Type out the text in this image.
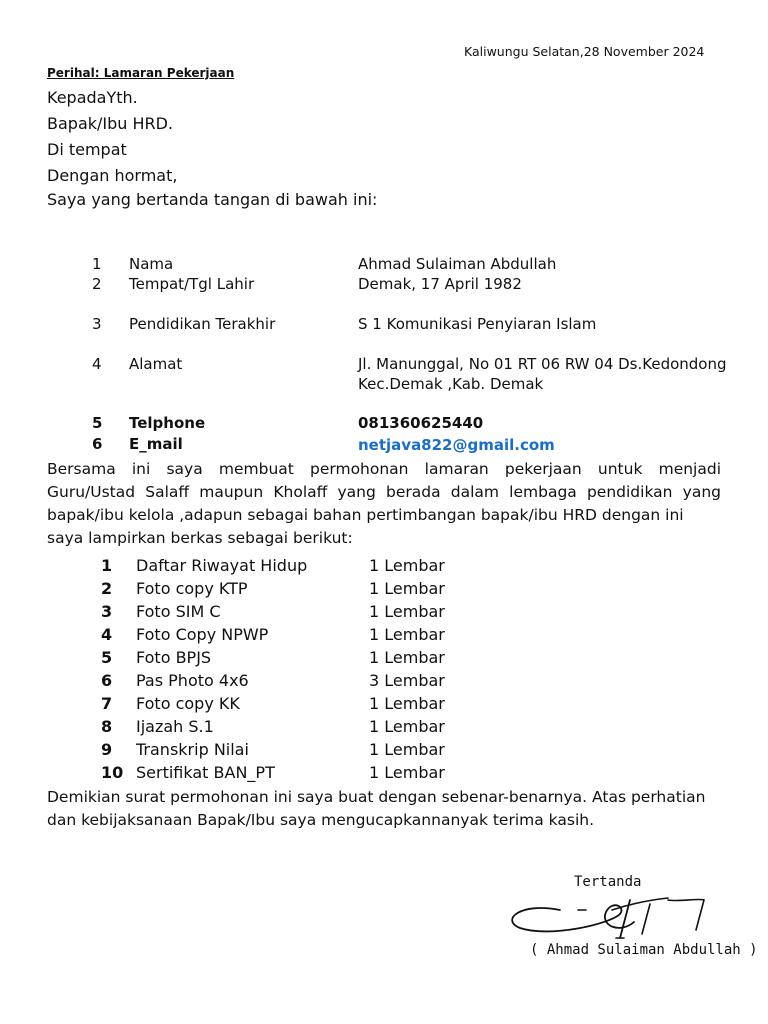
Kaliwungu Selatan,28 November 2024
Perihal: Lamaran Pekerjaan
KepadaYth.
Bapak/Ibu HRD.
Di tempat
Dengan hormat,
Saya yang bertanda tangan di bawah ini:
1 Nama	Ahmad Sulaiman Abdullah
2 Tempat/Tgl Lahir	Demak, 17 April 1982
3 Pendidikan Terakhir	S 1 Komunikasi Penyiaran Islam
4 Alamat	Jl. Manunggal, No 01 RT 06 RW 04 Ds.Kedondong
Kec.Demak ,Kab. Demak
5 Telphone	081360625440
6 E_mail	netjava822@gmail.com
Bersama ini saya membuat permohonan lamaran pekerjaan untuk menjadi Guru/Ustad Salaff maupun Kholaff yang berada dalam lembaga pendidikan yang bapak/ibu kelola ,adapun sebagai bahan pertimbangan bapak/ibu HRD dengan ini
saya lampirkan berkas sebagai berikut:
1 Daftar Riwayat Hidup	1 Lembar
2 Foto copy KTP	1 Lembar
3 Foto SIM C	1 Lembar
4 Foto Copy NPWP	1 Lembar
5 Foto BPJS	1 Lembar
6 Pas Photo 4x6	3 Lembar
7 Foto copy KK	1 Lembar
8 Ijazah S.1	1 Lembar
9 Transkrip Nilai	1 Lembar
10 Sertifikat BAN_PT	1 Lembar
Demikian surat permohonan ini saya buat dengan sebenar-benarnya. Atas perhatian
dan kebijaksanaan Bapak/Ibu saya mengucapkannanyak terima kasih.
Tertanda
( Ahmad Sulaiman Abdullah )
